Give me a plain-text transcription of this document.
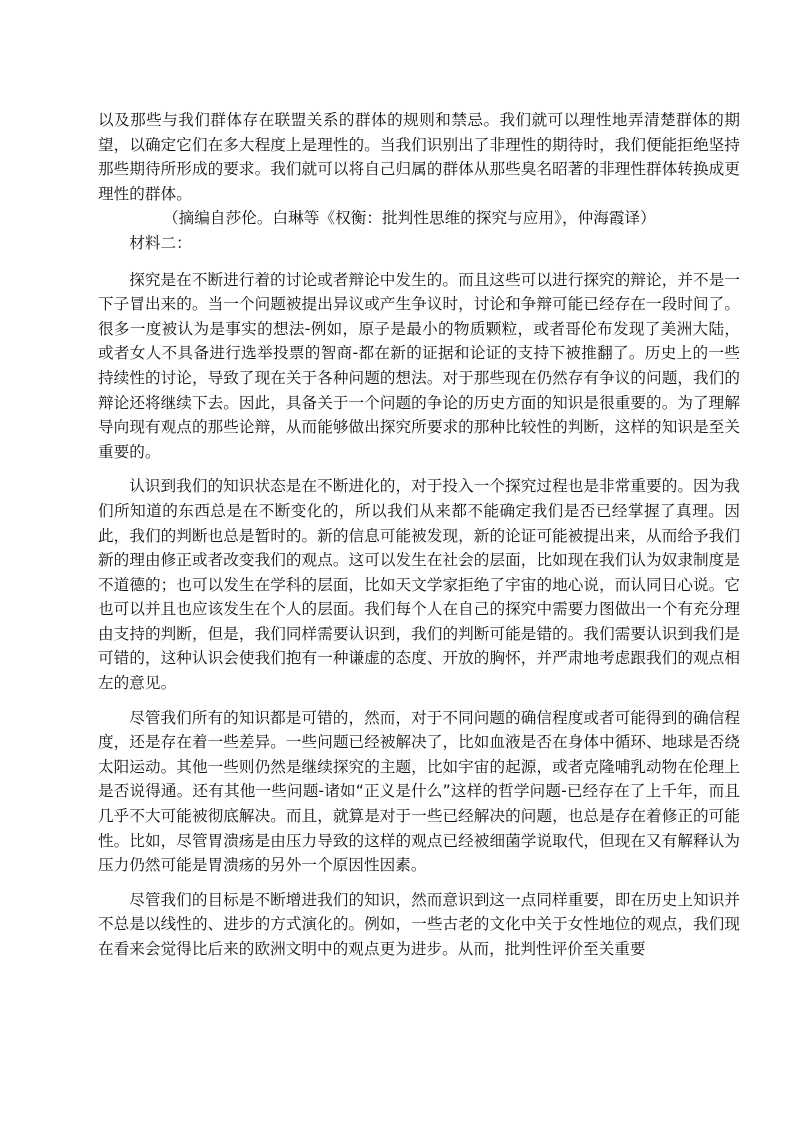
以及那些与我们群体存在联盟关系的群体的规则和禁忌。我们就可以理性地弄清楚群体的期望，以确定它们在多大程度上是理性的。当我们识别出了非理性的期待时，我们便能拒绝坚持那些期待所形成的要求。我们就可以将自己归属的群体从那些臭名昭著的非理性群体转换成更理性的群体。

（摘编自莎伦。白琳等《权衡：批判性思维的探究与应用》，仲海霞译）

材料二：

探究是在不断进行着的讨论或者辩论中发生的。而且这些可以进行探究的辩论，并不是一下子冒出来的。当一个问题被提出异议或产生争议时，讨论和争辩可能已经存在一段时间了。很多一度被认为是事实的想法-例如，原子是最小的物质颗粒，或者哥伦布发现了美洲大陆，或者女人不具备进行选举投票的智商-都在新的证据和论证的支持下被推翻了。历史上的一些持续性的讨论，导致了现在关于各种问题的想法。对于那些现在仍然存有争议的问题，我们的辩论还将继续下去。因此，具备关于一个问题的争论的历史方面的知识是很重要的。为了理解导向现有观点的那些论辩，从而能够做出探究所要求的那种比较性的判断，这样的知识是至关重要的。

认识到我们的知识状态是在不断进化的，对于投入一个探究过程也是非常重要的。因为我们所知道的东西总是在不断变化的，所以我们从来都不能确定我们是否已经掌握了真理。因此，我们的判断也总是暂时的。新的信息可能被发现，新的论证可能被提出来，从而给予我们新的理由修正或者改变我们的观点。这可以发生在社会的层面，比如现在我们认为奴隶制度是不道德的；也可以发生在学科的层面，比如天文学家拒绝了宇宙的地心说，而认同日心说。它也可以并且也应该发生在个人的层面。我们每个人在自己的探究中需要力图做出一个有充分理由支持的判断，但是，我们同样需要认识到，我们的判断可能是错的。我们需要认识到我们是可错的，这种认识会使我们抱有一种谦虚的态度、开放的胸怀，并严肃地考虑跟我们的观点相左的意见。

尽管我们所有的知识都是可错的，然而，对于不同问题的确信程度或者可能得到的确信程度，还是存在着一些差异。一些问题已经被解决了，比如血液是否在身体中循环、地球是否绕太阳运动。其他一些则仍然是继续探究的主题，比如宇宙的起源，或者克隆哺乳动物在伦理上是否说得通。还有其他一些问题-诸如“正义是什么”这样的哲学问题-已经存在了上千年，而且几乎不大可能被彻底解决。而且，就算是对于一些已经解决的问题，也总是存在着修正的可能性。比如，尽管胃溃疡是由压力导致的这样的观点已经被细菌学说取代，但现在又有解释认为压力仍然可能是胃溃疡的另外一个原因性因素。

尽管我们的目标是不断增进我们的知识，然而意识到这一点同样重要，即在历史上知识并不总是以线性的、进步的方式演化的。例如，一些古老的文化中关于女性地位的观点，我们现在看来会觉得比后来的欧洲文明中的观点更为进步。从而，批判性评价至关重要
